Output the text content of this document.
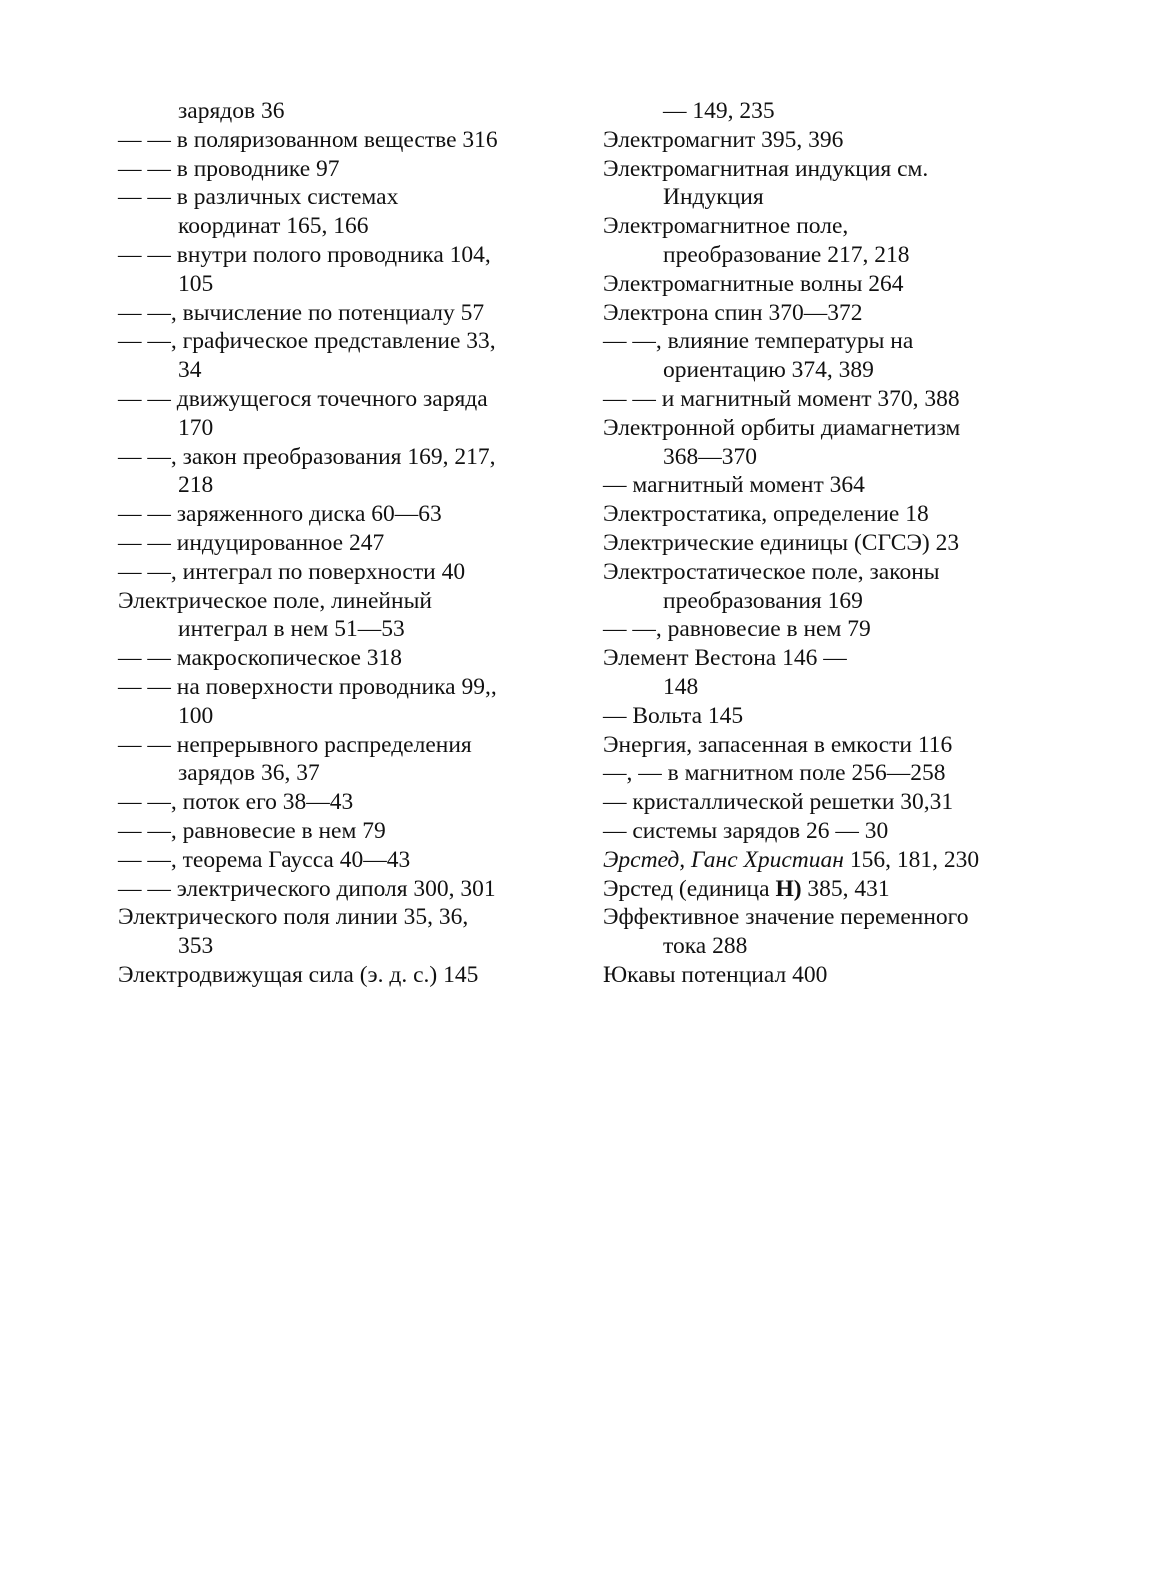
зарядов 36
— — в поляризованном веществе 316
— — в проводнике 97
— — в различных системах
координат 165, 166
— — внутри полого проводника 104,
105
— —, вычисление по потенциалу 57
— —, графическое представление 33,
34
— — движущегося точечного заряда
170
— —, закон преобразования 169, 217,
218
— — заряженного диска 60—63
— — индуцированное 247
— —, интеграл по поверхности 40
Электрическое поле, линейный
интеграл в нем 51—53
— — макроскопическое 318
— — на поверхности проводника 99,,
100
— — непрерывного распределения
зарядов 36, 37
— —, поток его 38—43
— —, равновесие в нем 79
— —, теорема Гаусса 40—43
— — электрического диполя 300, 301
Электрического поля линии 35, 36,
353
Электродвижущая сила (э. д. с.) 145
— 149, 235
Электромагнит 395, 396
Электромагнитная индукция см.
Индукция
Электромагнитное поле,
преобразование 217, 218
Электромагнитные волны 264
Электрона спин 370—372
— —, влияние температуры на
ориентацию 374, 389
— — и магнитный момент 370, 388
Электронной орбиты диамагнетизм
368—370
— магнитный момент 364
Электростатика, определение 18
Электрические единицы (СГСЭ) 23
Электростатическое поле, законы
преобразования 169
— —, равновесие в нем 79
Элемент Вестона 146 —
148
— Вольта 145
Энергия, запасенная в емкости 116
—, — в магнитном поле 256—258
— кристаллической решетки 30,31
— системы зарядов 26 — 30
Эрстед, Ганс Христиан 156, 181, 230
Эрстед (единица Н) 385, 431
Эффективное значение переменного
тока 288
Юкавы потенциал 400
